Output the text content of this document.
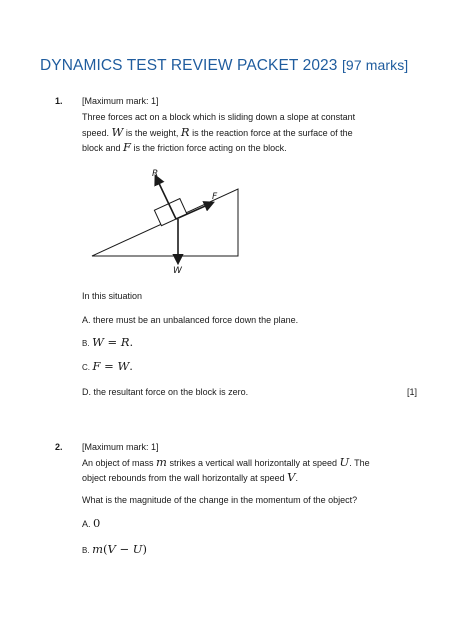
DYNAMICS TEST REVIEW PACKET 2023 [97 marks]
1. [Maximum mark: 1]
Three forces act on a block which is sliding down a slope at constant
speed. W is the weight, R is the reaction force at the surface of the
block and F is the friction force acting on the block.
R
F
W
In this situation
A. there must be an unbalanced force down the plane.
B. W = R.
C. F = W.
D. the resultant force on the block is zero.	[1]
2. [Maximum mark: 1]
An object of mass m strikes a vertical wall horizontally at speed U. The
object rebounds from the wall horizontally at speed V.
What is the magnitude of the change in the momentum of the object?
A. 0
B. m(V − U)
